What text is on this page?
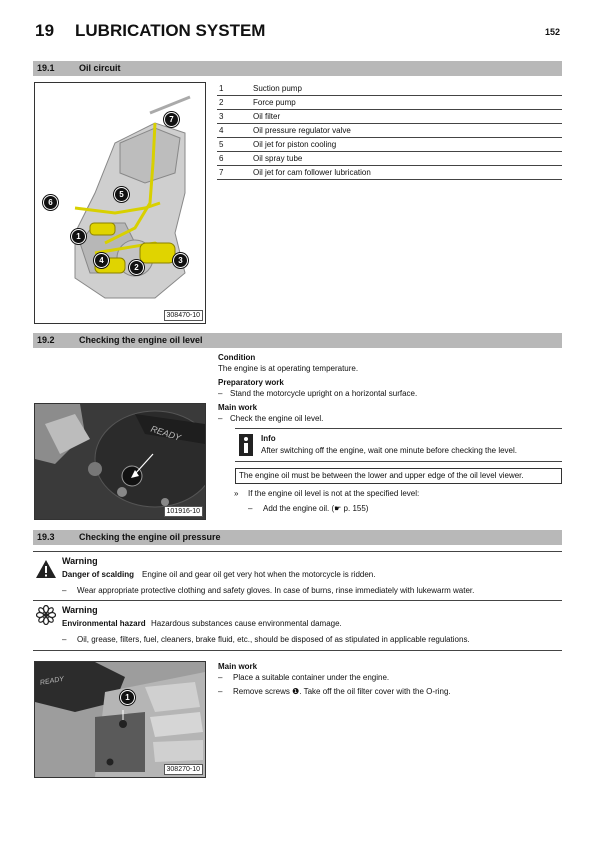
19 LUBRICATION SYSTEM	152
19.1	Oil circuit
7
5
6
1
4
2
3
308470-10
1	Suction pump
2	Force pump
3	Oil filter
4	Oil pressure regulator valve
5	Oil jet for piston cooling
6	Oil spray tube
7	Oil jet for cam follower lubrication
19.2	Checking the engine oil level
Condition
The engine is at operating temperature.
Preparatory work
– Stand the motorcycle upright on a horizontal surface.
Main work
– Check the engine oil level.
Info
After switching off the engine, wait one minute before checking the level.
The engine oil must be between the lower and upper edge of the oil level viewer.
» If the engine oil level is not at the specified level:
– Add the engine oil. (☛ p. 155)
READY
101916-10
19.3	Checking the engine oil pressure
Warning
Danger of scalding Engine oil and gear oil get very hot when the motorcycle is ridden.
– Wear appropriate protective clothing and safety gloves. In case of burns, rinse immediately with lukewarm water.
Warning
Environmental hazard Hazardous substances cause environmental damage.
– Oil, grease, filters, fuel, cleaners, brake fluid, etc., should be disposed of as stipulated in applicable regulations.
READY
1
308270-10
Main work
– Place a suitable container under the engine.
– Remove screws ❶. Take off the oil filter cover with the O-ring.
